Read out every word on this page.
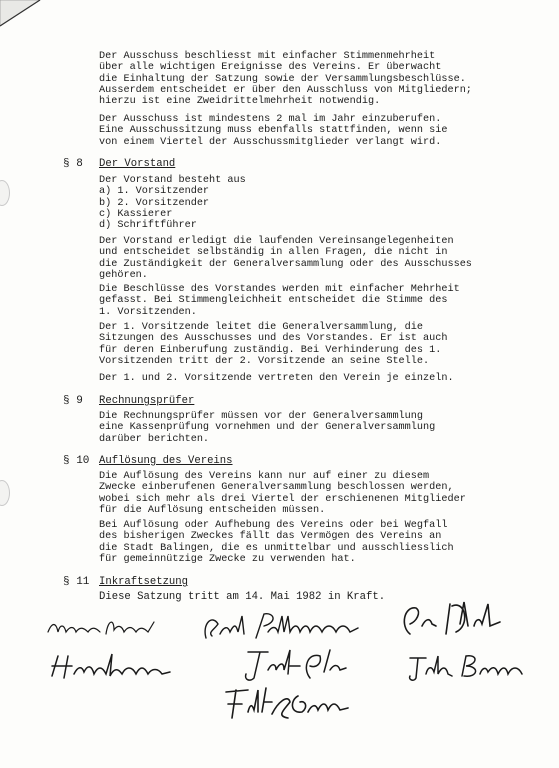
Der Ausschuss beschliesst mit einfacher Stimmenmehrheit

über alle wichtigen Ereignisse des Vereins. Er überwacht

die Einhaltung der Satzung sowie der Versammlungsbeschlüsse.

Ausserdem entscheidet er über den Ausschluss von Mitgliedern;

hierzu ist eine Zweidrittelmehrheit notwendig.

Der Ausschuss ist mindestens 2 mal im Jahr einzuberufen.

Eine Ausschussitzung muss ebenfalls stattfinden, wenn sie

von einem Viertel der Ausschussmitglieder verlangt wird.

§ 8 Der Vorstand

Der Vorstand besteht aus

a) 1. Vorsitzender

b) 2. Vorsitzender

c) Kassierer

d) Schriftführer

Der Vorstand erledigt die laufenden Vereinsangelegenheiten

und entscheidet selbständig in allen Fragen, die nicht in

die Zuständigkeit der Generalversammlung oder des Ausschusses

gehören.

Die Beschlüsse des Vorstandes werden mit einfacher Mehrheit

gefasst. Bei Stimmengleichheit entscheidet die Stimme des

1. Vorsitzenden.

Der 1. Vorsitzende leitet die Generalversammlung, die

Sitzungen des Ausschusses und des Vorstandes. Er ist auch

für deren Einberufung zuständig. Bei Verhinderung des 1.

Vorsitzenden tritt der 2. Vorsitzende an seine Stelle.

Der 1. und 2. Vorsitzende vertreten den Verein je einzeln.

§ 9 Rechnungsprüfer

Die Rechnungsprüfer müssen vor der Generalversammlung

eine Kassenprüfung vornehmen und der Generalversammlung

darüber berichten.

§ 10 Auflösung des Vereins

Die Auflösung des Vereins kann nur auf einer zu diesem

Zwecke einberufenen Generalversammlung beschlossen werden,

wobei sich mehr als drei Viertel der erschienenen Mitglieder

für die Auflösung entscheiden müssen.

Bei Auflösung oder Aufhebung des Vereins oder bei Wegfall

des bisherigen Zweckes fällt das Vermögen des Vereins an

die Stadt Balingen, die es unmittelbar und ausschliesslich

für gemeinnützige Zwecke zu verwenden hat.

§ 11 Inkraftsetzung

Diese Satzung tritt am 14. Mai 1982 in Kraft.
